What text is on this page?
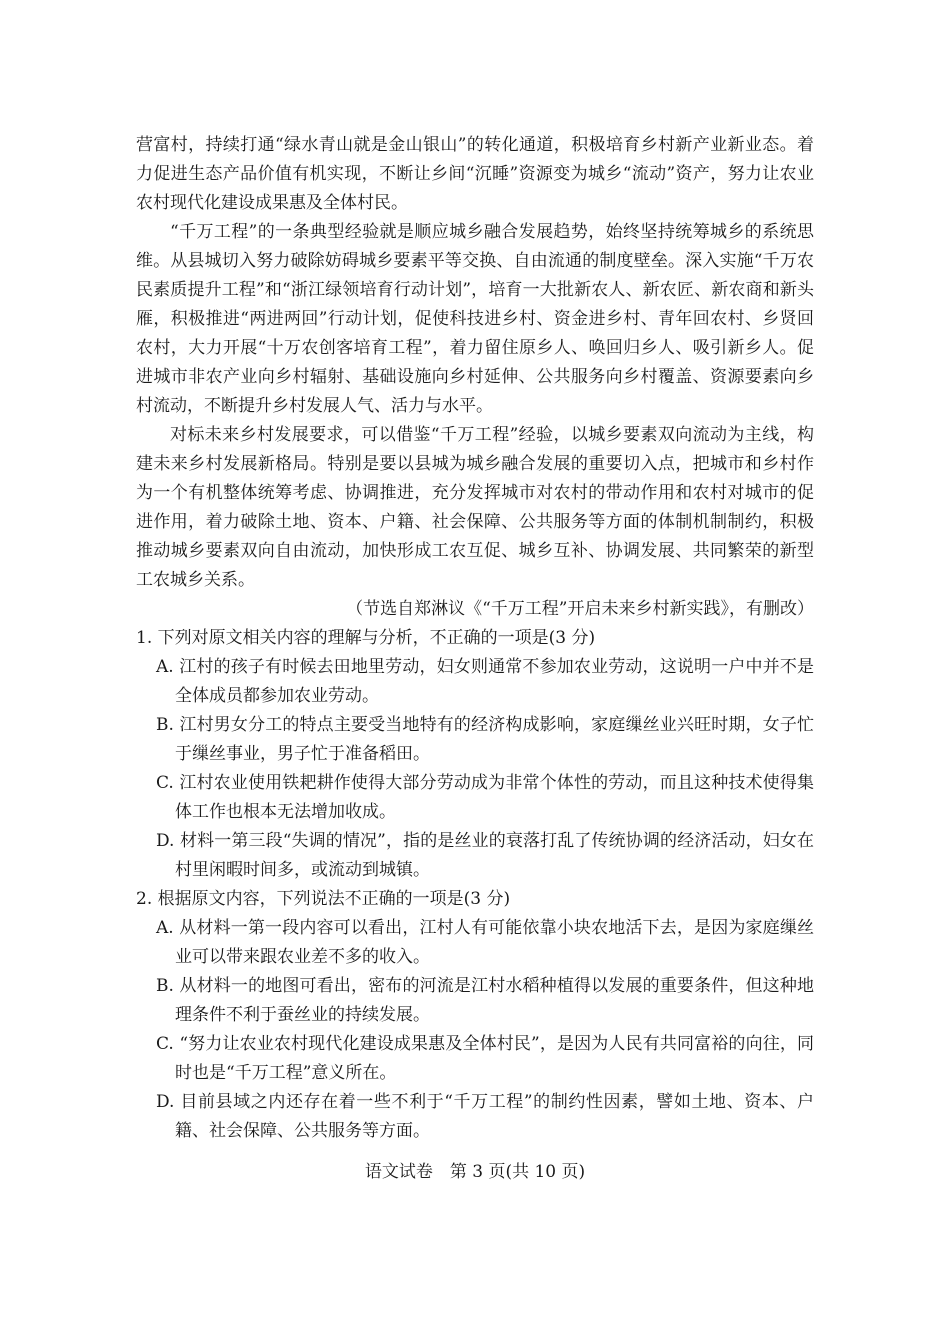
营富村，持续打通“绿水青山就是金山银山”的转化通道，积极培育乡村新产业新业态。着力促进生态产品价值有机实现，不断让乡间“沉睡”资源变为城乡“流动”资产，努力让农业农村现代化建设成果惠及全体村民。

“千万工程”的一条典型经验就是顺应城乡融合发展趋势，始终坚持统筹城乡的系统思维。从县城切入努力破除妨碍城乡要素平等交换、自由流通的制度壁垒。深入实施“千万农民素质提升工程”和“浙江绿领培育行动计划”，培育一大批新农人、新农匠、新农商和新头雁，积极推进“两进两回”行动计划，促使科技进乡村、资金进乡村、青年回农村、乡贤回农村，大力开展“十万农创客培育工程”，着力留住原乡人、唤回归乡人、吸引新乡人。促进城市非农产业向乡村辐射、基础设施向乡村延伸、公共服务向乡村覆盖、资源要素向乡村流动，不断提升乡村发展人气、活力与水平。

对标未来乡村发展要求，可以借鉴“千万工程”经验，以城乡要素双向流动为主线，构建未来乡村发展新格局。特别是要以县城为城乡融合发展的重要切入点，把城市和乡村作为一个有机整体统筹考虑、协调推进，充分发挥城市对农村的带动作用和农村对城市的促进作用，着力破除土地、资本、户籍、社会保障、公共服务等方面的体制机制制约，积极推动城乡要素双向自由流动，加快形成工农互促、城乡互补、协调发展、共同繁荣的新型工农城乡关系。

（节选自郑淋议《“千万工程”开启未来乡村新实践》，有删改）

1. 下列对原文相关内容的理解与分析，不正确的一项是(3 分)

A. 江村的孩子有时候去田地里劳动，妇女则通常不参加农业劳动，这说明一户中并不是全体成员都参加农业劳动。

B. 江村男女分工的特点主要受当地特有的经济构成影响，家庭缫丝业兴旺时期，女子忙于缫丝事业，男子忙于准备稻田。

C. 江村农业使用铁耙耕作使得大部分劳动成为非常个体性的劳动，而且这种技术使得集体工作也根本无法增加收成。

D. 材料一第三段“失调的情况”，指的是丝业的衰落打乱了传统协调的经济活动，妇女在村里闲暇时间多，或流动到城镇。

2. 根据原文内容，下列说法不正确的一项是(3 分)

A. 从材料一第一段内容可以看出，江村人有可能依靠小块农地活下去，是因为家庭缫丝业可以带来跟农业差不多的收入。

B. 从材料一的地图可看出，密布的河流是江村水稻种植得以发展的重要条件，但这种地理条件不利于蚕丝业的持续发展。

C. “努力让农业农村现代化建设成果惠及全体村民”，是因为人民有共同富裕的向往，同时也是“千万工程”意义所在。

D. 目前县域之内还存在着一些不利于“千万工程”的制约性因素，譬如土地、资本、户籍、社会保障、公共服务等方面。

语文试卷　第 3 页(共 10 页)
